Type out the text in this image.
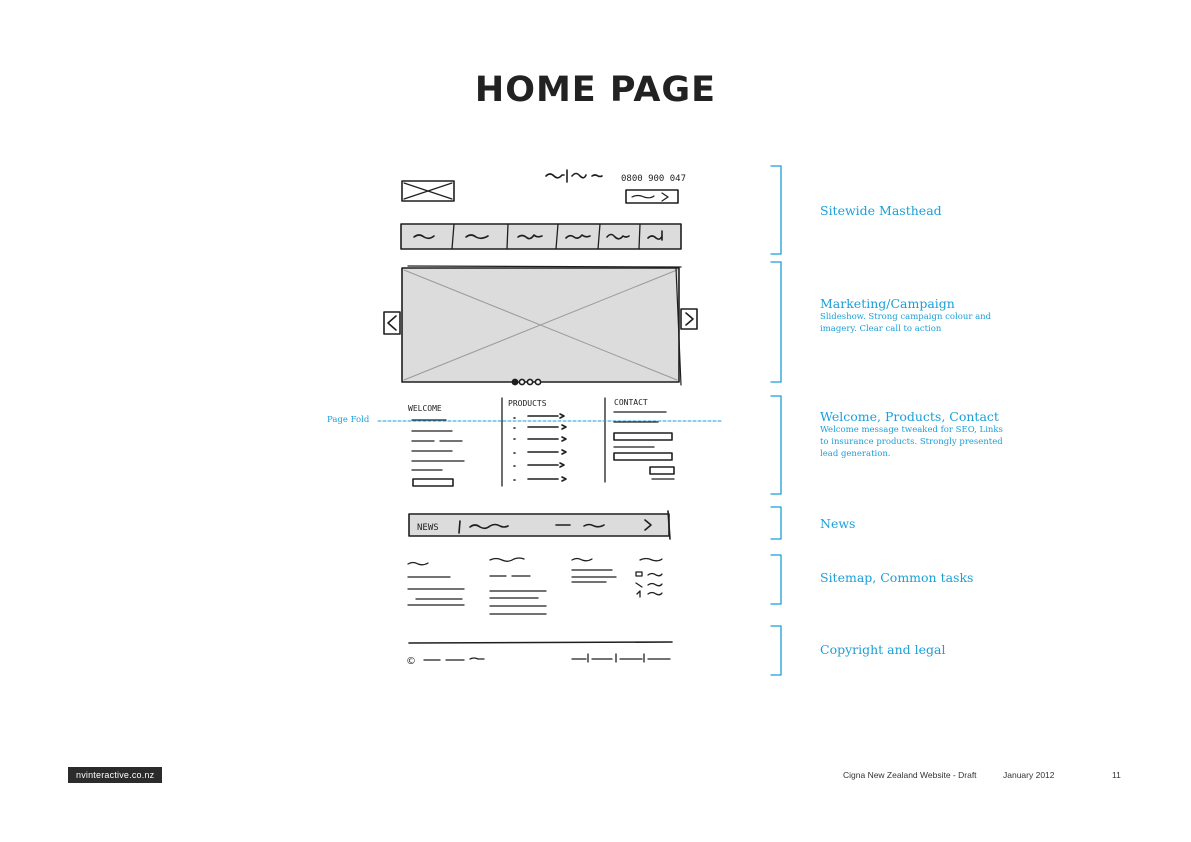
HOME PAGE
0800 900 047
WELCOME
PRODUCTS	CONTACT
NEWS
©
Page Fold
Sitewide Masthead
Marketing/Campaign
Slideshow. Strong campaign colour and imagery. Clear call to action
Welcome, Products, Contact
Welcome message tweaked for SEO, Links to insurance products. Strongly presented lead generation.
News
Sitemap, Common tasks
Copyright and legal
nvinteractive.co.nz	Cigna New Zealand Website - Draft	January 2012	11
